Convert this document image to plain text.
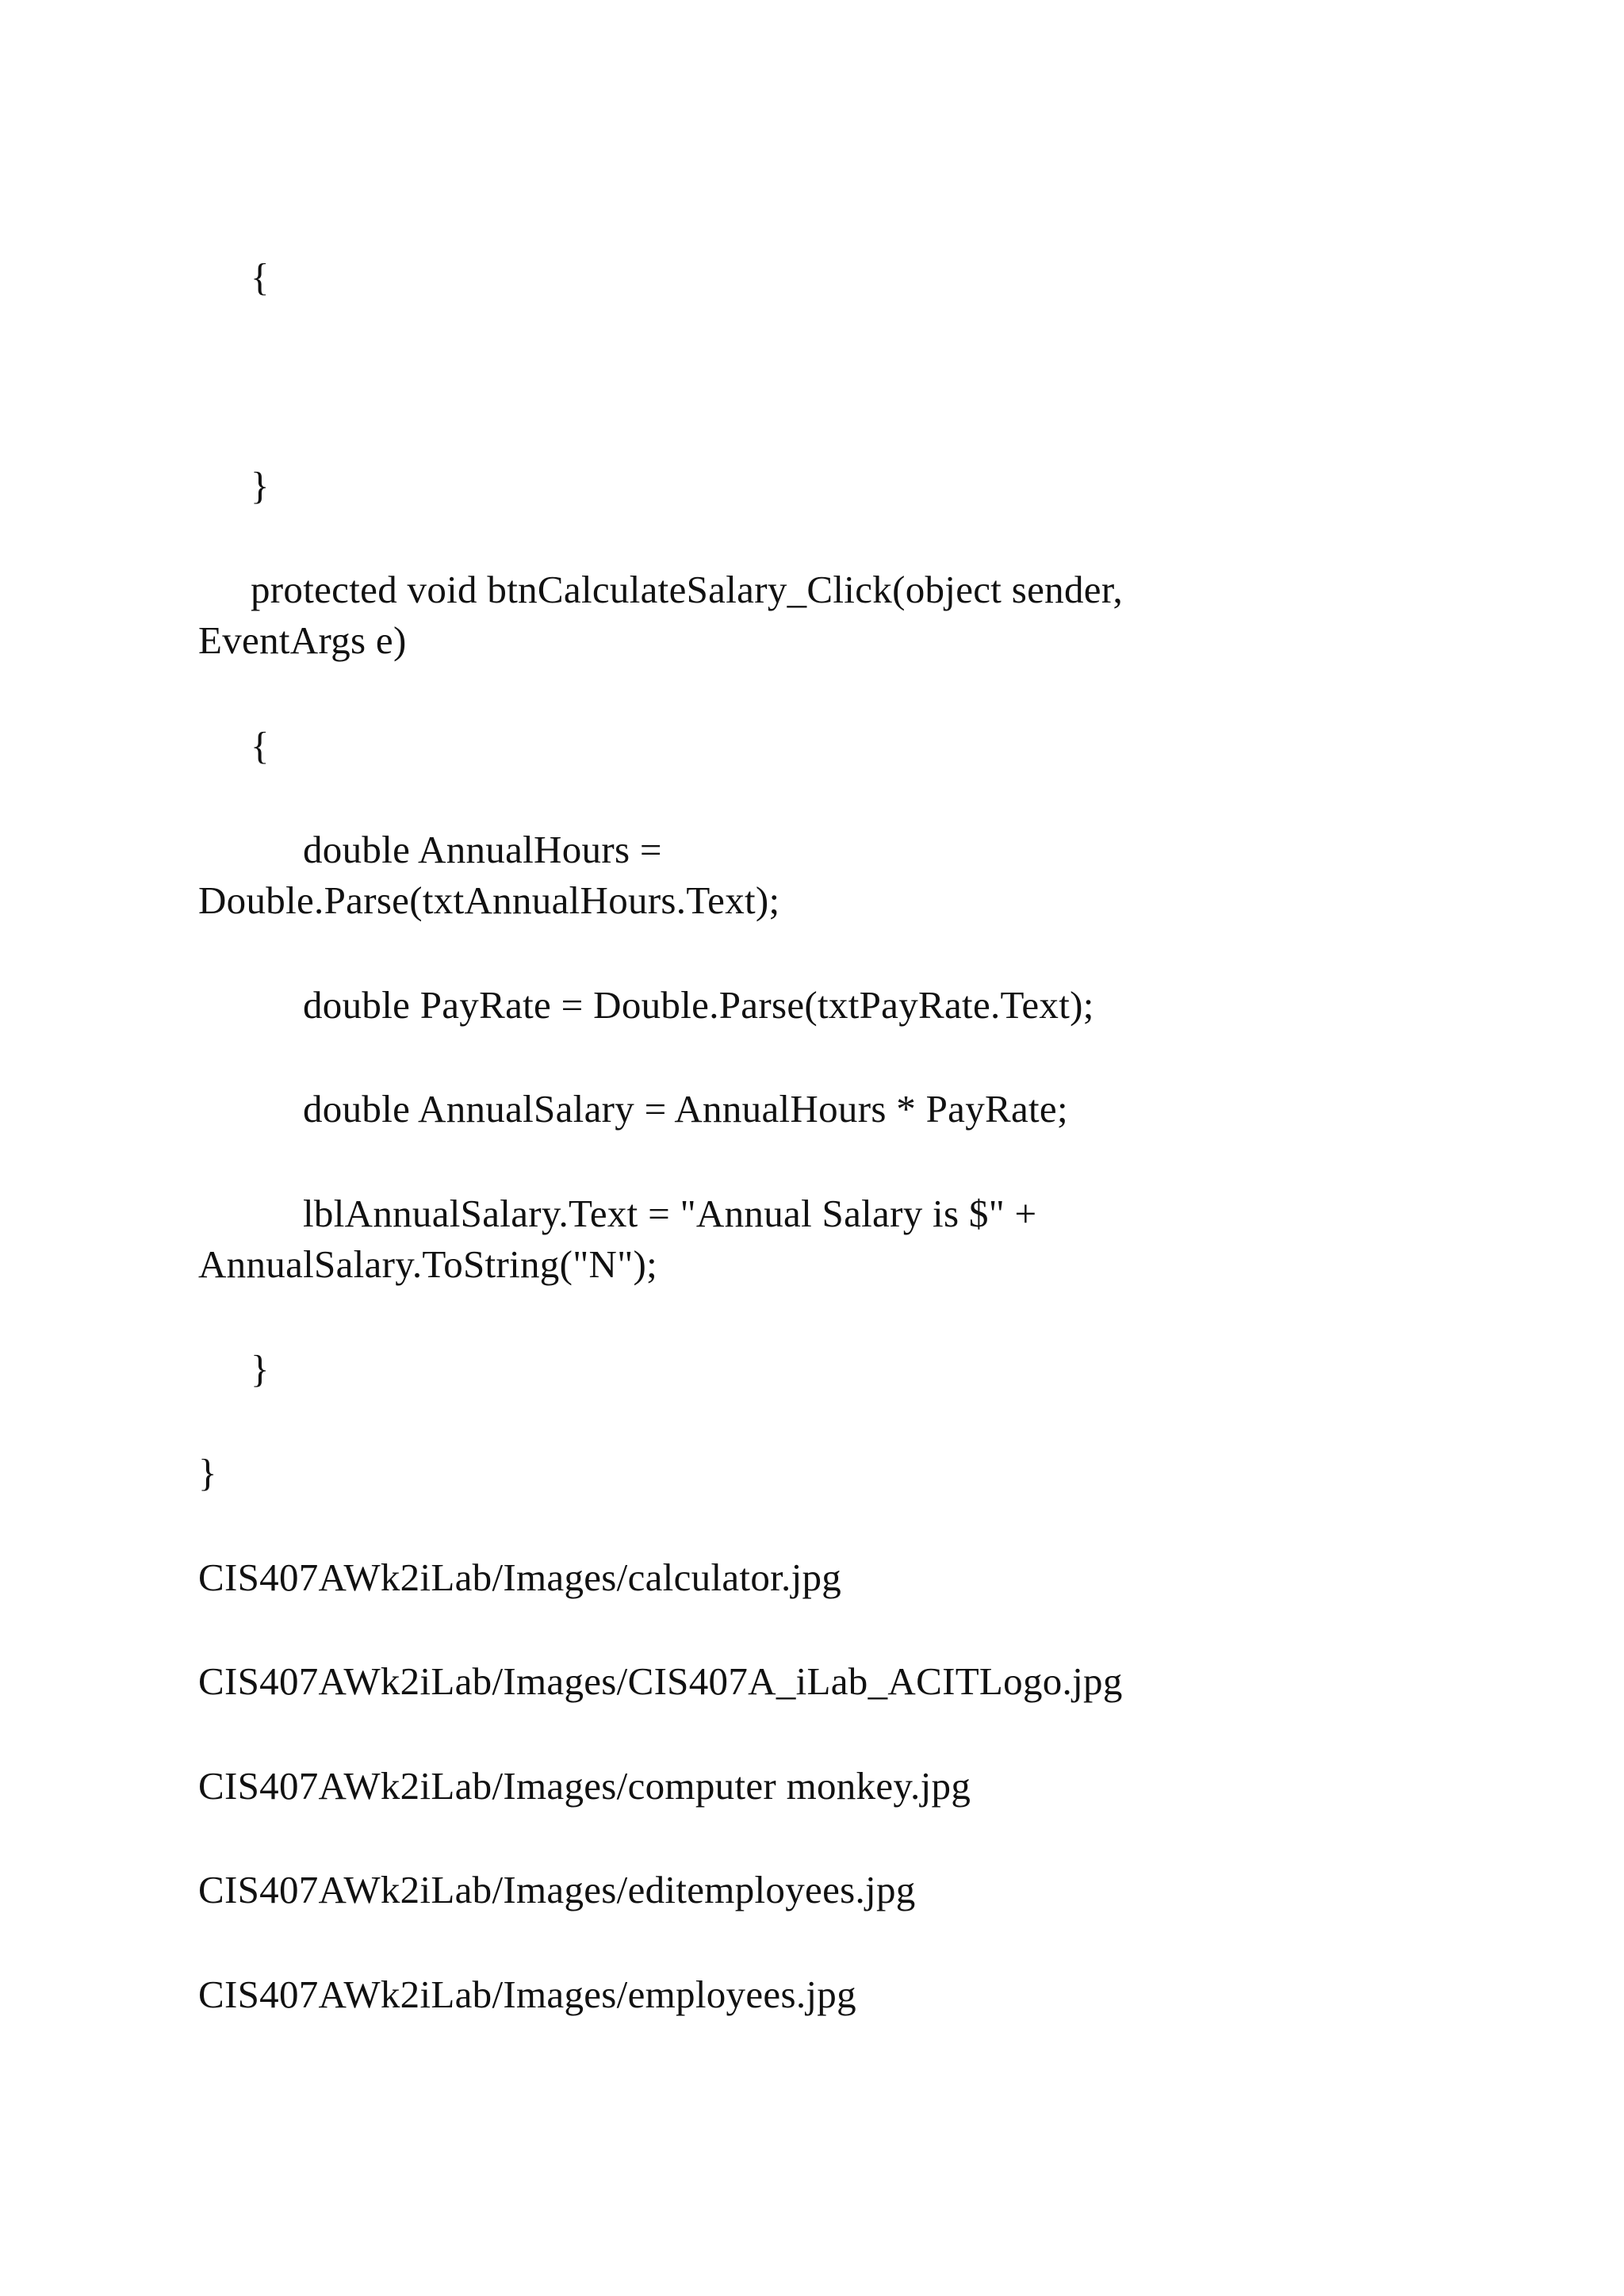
{
}
protected void btnCalculateSalary_Click(object sender,
EventArgs e)
{
double AnnualHours =
Double.Parse(txtAnnualHours.Text);
double PayRate = Double.Parse(txtPayRate.Text);
double AnnualSalary = AnnualHours * PayRate;
lblAnnualSalary.Text = "Annual Salary is $" +
AnnualSalary.ToString("N");
}
}
CIS407AWk2iLab/Images/calculator.jpg
CIS407AWk2iLab/Images/CIS407A_iLab_ACITLogo.jpg
CIS407AWk2iLab/Images/computer monkey.jpg
CIS407AWk2iLab/Images/editemployees.jpg
CIS407AWk2iLab/Images/employees.jpg
